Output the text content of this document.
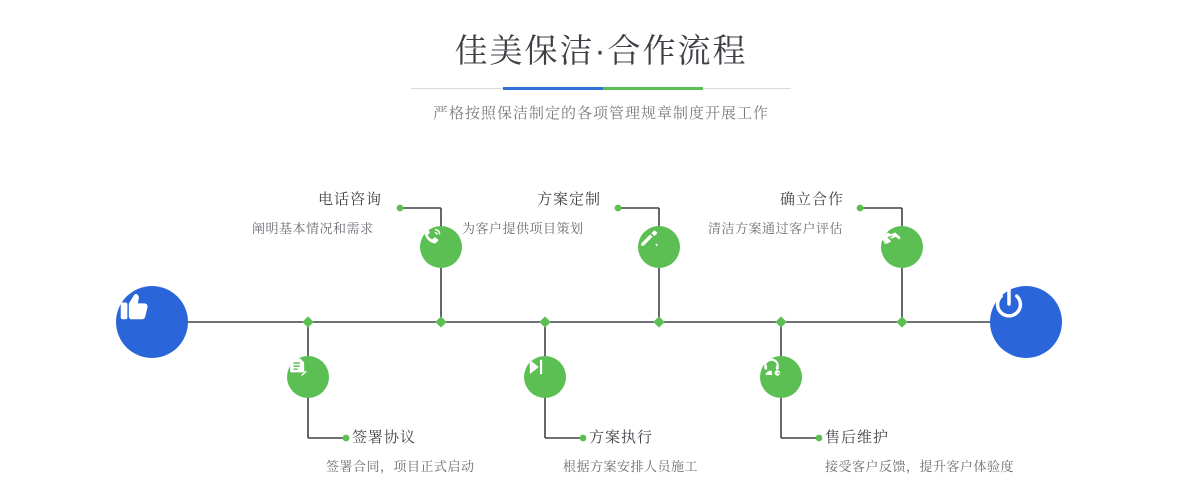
佳美保洁·合作流程

严格按照保洁制定的各项管理规章制度开展工作

电话咨询
阐明基本情况和需求
方案定制
为客户提供项目策划
确立合作
清洁方案通过客户评估
签署协议
签署合同，项目正式启动
方案执行
根据方案安排人员施工
售后维护
接受客户反馈，提升客户体验度
